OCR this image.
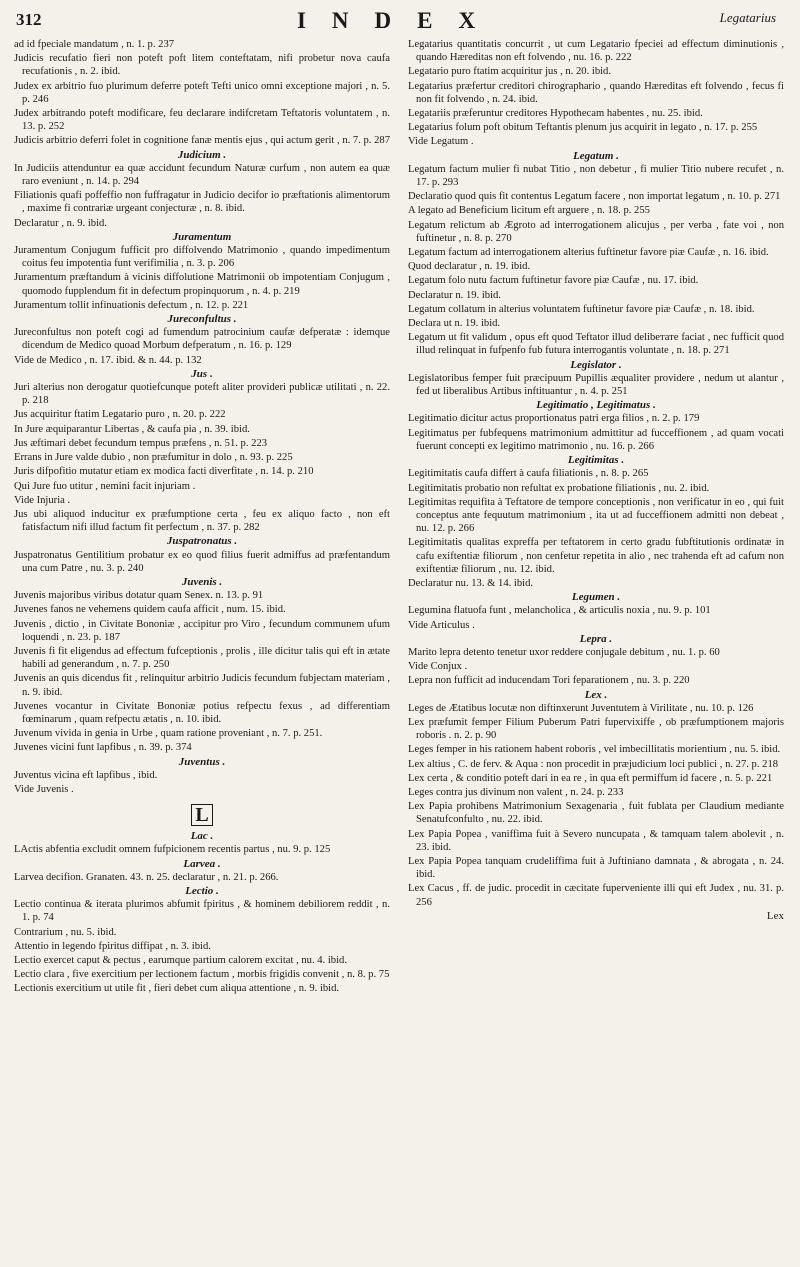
312	INDEX	Legatarius
ad id fpeciale mandatum , n. 1. p. 237
Judicis recufatio fieri non poteft poft litem conteftatam, nifi probetur nova caufa recufationis , n. 2. ibid.
Judex ex arbitrio fuo plurimum deferre poteft Tefti unico omni exceptione majori , n. 5. p. 246
Judex arbitrando poteft modificare, feu declarare indifcretam Teftatoris voluntatem , n. 13. p. 252
Judicis arbitrio deferri folet in cognitione fanæ mentis ejus , qui actum gerit , n. 7. p. 287
Judicium .
In Judiciis attenduntur ea quæ accidunt fecundum Naturæ curfum , non autem ea quæ raro eveniunt , n. 14. p. 294
Filiationis quafi poffeffio non fuffragatur in Judicio decifor io præftationis alimentorum , maxime fi contrariæ urgeant conjecturæ , n. 8. ibid.
Declaratur , n. 9. ibid.
Juramentum
Juramentum Conjugum fufficit pro diffolvendo Matrimonio , quando impedimentum coitus feu impotentia funt verifimilia , n. 3. p. 206
Juramentum præftandum à vicinis diffolutione Matrimonii ob impotentiam Conjugum , quomodo fupplendum fit in defectum propinquorum , n. 4. p. 219
Juramentum tollit infinuationis defectum , n. 12. p. 221
Jureconfultus .
Jureconfultus non poteft cogi ad fumendum patrocinium caufæ defperatæ : idemque dicendum de Medico quoad Morbum defperatum , n. 16. p. 129
Vide de Medico , n. 17. ibid. & n. 44. p. 132
Jus .
Juri alterius non derogatur quotiefcunque poteft aliter provideri publicæ utilitati , n. 22. p. 218
Jus acquiritur ftatim Legatario puro , n. 20. p. 222
In Jure æquiparantur Libertas , & caufa pia , n. 39. ibid.
Jus æftimari debet fecundum tempus præfens , n. 51. p. 223
Errans in Jure valde dubio , non præfumitur in dolo , n. 93. p. 225
Juris difpofitio mutatur etiam ex modica facti diverfitate , n. 14. p. 210
Qui Jure fuo utitur , nemini facit injuriam .
Vide Injuria .
Jus ubi aliquod inducitur ex præfumptione certa , feu ex aliquo facto , non eft fatisfactum nifi illud factum fit perfectum , n. 37. p. 282
Juspatronatus .
Juspatronatus Gentilitium probatur ex eo quod filius fuerit admiffus ad præfentandum una cum Patre , nu. 3. p. 240
Juvenis .
Juvenis majoribus viribus dotatur quam Senex. n. 13. p. 91
Juvenes fanos ne vehemens quidem caufa afficit , num. 15. ibid.
Juvenis , dictio , in Civitate Bononiæ , accipitur pro Viro , fecundum communem ufum loquendi , n. 23. p. 187
Juvenis fi fit eligendus ad effectum fufceptionis , prolis , ille dicitur talis qui eft in ætate habili ad generandum , n. 7. p. 250
Juvenis an quis dicendus fit , relinquitur arbitrio Judicis fecundum fubjectam materiam , n. 9. ibid.
Juvenes vocantur in Civitate Bononiæ potius refpectu fexus , ad differentiam fœminarum , quam refpectu ætatis , n. 10. ibid.
Juvenum vivida in genia in Urbe , quam ratione proveniant , n. 7. p. 251.
Juvenes vicini funt lapfibus , n. 39. p. 374
Juventus .
Juventus vicina eft lapfibus , ibid.
Vide Juvenis .
L
Lac .
LActis abfentia excludit omnem fufpicionem recentis partus , nu. 9. p. 125
Larvea .
Larvea decifion. Granaten. 43. n. 25. declaratur , n. 21. p. 266.
Lectio .
Lectio continua & iterata plurimos abfumit fpiritus , & hominem debiliorem reddit , n. 1. p. 74
Contrarium , nu. 5. ibid.
Attentio in legendo fpiritus diffipat , n. 3. ibid.
Lectio exercet caput & pectus , earumque partium calorem excitat , nu. 4. ibid.
Lectio clara , five exercitium per lectionem factum , morbis frigidis convenit , n. 8. p. 75
Lectionis exercitium ut utile fit , fieri debet cum aliqua attentione , n. 9. ibid.
Legatarius quantitatis concurrit , ut cum Legatario fpeciei ad effectum diminutionis , quando Hæreditas non eft folvendo , nu. 16. p. 222
Legatario puro ftatim acquiritur jus , n. 20. ibid.
Legatarius præfertur creditori chirographario , quando Hæreditas eft folvendo , fecus fi non fit folvendo , n. 24. ibid.
Legatariis præferuntur creditores Hypothecam habentes , nu. 25. ibid.
Legatarius folum poft obitum Teftantis plenum jus acquirit in legato , n. 17. p. 255
Vide Legatum .
Legatum .
Legatum factum mulier fi nubat Titio , non debetur , fi mulier Titio nubere recufet , n. 17. p. 293
Declaratio quod quis fit contentus Legatum facere , non importat legatum , n. 10. p. 271
A legato ad Beneficium licitum eft arguere , n. 18. p. 255
Legatum relictum ab Ægroto ad interrogationem alicujus , per verba , fate voi , non fuftinetur , n. 8. p. 270
Legatum factum ad interrogationem alterius fuftinetur favore piæ Caufæ , n. 16. ibid.
Quod declaratur , n. 19. ibid.
Legatum folo nutu factum fuftinetur favore piæ Caufæ , nu. 17. ibid.
Declaratur n. 19. ibid.
Legatum collatum in alterius voluntatem fuftinetur favore piæ Caufæ , n. 18. ibid.
Declara ut n. 19. ibid.
Legatum ut fit validum , opus eft quod Teftator illud delibeтате faciat , nec fufficit quod illud relinquat in fufpenfo fub futura interrogantis voluntate , n. 18. p. 271
Legislator .
Legislatoribus femper fuit præcipuum Pupillis æqualiter providere , nedum ut alantur , fed ut liberalibus Artibus inftituantur , n. 4. p. 251
Legitimatio , Legitimatus .
Legitimatio dicitur actus proportionatus patri erga filios , n. 2. p. 179
Legitimatus per fubfequens matrimonium admittitur ad fucceffionem , ad quam vocati fuerunt concepti ex legitimo matrimonio , nu. 16. p. 266
Legitimitas .
Legitimitatis caufa differt à caufa filiationis , n. 8. p. 265
Legitimitatis probatio non refultat ex probatione filiationis , nu. 2. ibid.
Legitimitas requifita à Teftatore de tempore conceptionis , non verificatur in eo , qui fuit conceptus ante fequutum matrimonium , ita ut ad fucceffionem admitti non debeat , nu. 12. p. 266
Legitimitatis qualitas expreffa per teftatorem in certo gradu fubftitutionis ordinatæ in cafu exiftentiæ filiorum , non cenfetur repetita in alio , nec trahenda eft ad cafum non exiftentiæ filiorum , nu. 12. ibid.
Declaratur nu. 13. & 14. ibid.
Legumen .
Legumina flatuofa funt , melancholica , & articulis noxia , nu. 9. p. 101
Vide Articulus .
Lepra .
Marito lepra detento tenetur uxor reddere conjugale debitum , nu. 1. p. 60
Vide Conjux .
Lepra non fufficit ad inducendam Tori feparationem , nu. 3. p. 220
Lex .
Leges de Ætatibus locutæ non diftinxerunt Juventutem à Virilitate , nu. 10. p. 126
Lex præfumit femper Filium Puberum Patri fupervixiffe , ob præfumptionem majoris roboris . n. 2. p. 90
Leges femper in his rationem habent roboris , vel imbecillitatis morientium , nu. 5. ibid.
Lex altius , C. de ferv. & Aqua : non procedit in præjudicium loci publici , n. 27. p. 218
Lex certa , & conditio poteft dari in ea re , in qua eft permiffum id facere , n. 5. p. 221
Leges contra jus divinum non valent , n. 24. p. 233
Lex Papia prohibens Matrimonium Sexagenaria , fuit fublata per Claudium mediante Senatufconfulto , nu. 22. ibid.
Lex Papia Popea , vaniffima fuit à Severo nuncupata , & tamquam talem abolevit , n. 23. ibid.
Lex Papia Popea tanquam crudeliffima fuit à Juftiniano damnata , & abrogata , n. 24. ibid.
Lex Cacus , ff. de judic. procedit in cæcitate fuperveniente illi qui eft Judex , nu. 31. p. 256
Lex
